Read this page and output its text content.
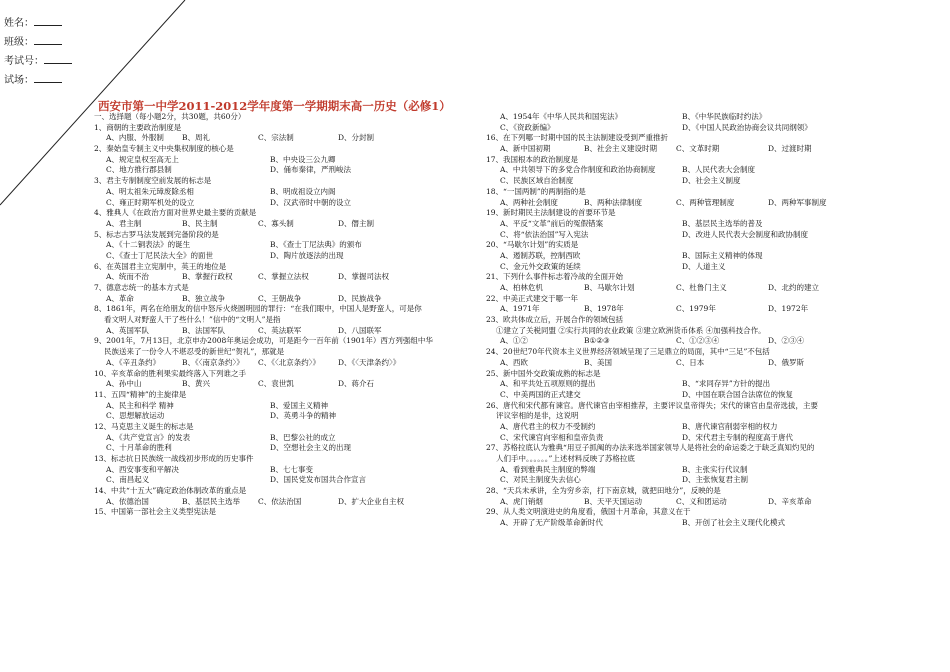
姓名：
班级：
考试号：
试场：
西安市第一中学2011-2012学年度第一学期期末高一历史（必修1）
一、选择题（每小题2分，共30题，共60分）
1、商朝的主要政治制度是
A、内服、外服制 B、周礼	C、宗法制	D、分封制
2、秦始皇专制主义中央集权制度的核心是
A、规定皇权至高无上	B、中央设三公九卿
C、地方推行郡县制	D、俑布秦律，严刑峻法
3、君主专制制度空前发展的标志是
A、明太祖朱元璋废除丞相	B、明成祖设立内阁
C、雍正时期军机处的设立	D、汉武帝时中朝的设立
4、雅典人《在政治方面对世界史最主要的贡献是
A、君主制	B、民主制	C、寡头制	D、僭主制
5、标志古罗马法发展到完备阶段的是
A、《十二铜表法》的诞生	B、《查士丁尼法典》的颁布
C、《查士丁尼民法大全》的面世	D、陶片放逐法的出现
6、在英国君主立宪制中，英王的地位是
A、统而不治	B、掌握行政权	C、掌握立法权	D、掌握司法权
7、德意志统一的基本方式是
A、革命	B、独立战争	C、王朝战争	D、民族战争
8、1861年，两名在给朋友的信中怒斥火烧圆明园的罪行：“在我们眼中，中国人是野蛮人，可是你
看文明人对野蛮人干了些什么！”信中的“文明人”是指
A、英国军队	B、法国军队	C、英法联军	D、八国联军
9、2001年，7月13日，北京申办2008年奥运会成功，可是距今一百年前（1901年）西方列强组中华
民族送来了一份令人不堪忍受的新世纪“贺礼”，那就是
A、《辛丑条约》	B、《〈南京条约〉》 C、《〈北京条约〉》 D、《〈天津条约〉》
10、辛亥革命的胜利果实最终落入下列谁之手
A、孙中山	B、黄兴	C、袁世凯	D、蒋介石
11、五四“精神”的主旋律是
A、民主和科学 精神	B、爱国主义精神
C、思想解放运动	D、英勇斗争的精神
12、马克思主义诞生的标志是
A、《共产党宣言》的发表	B、巴黎公社的成立
C、十月革命的胜利	D、空想社会主义的出现
13、标志抗日民族统一战线初步形成的历史事件
A、西安事变和平解决	B、七七事变
C、南昌起义	D、国民党发布国共合作宣言
14、中共“十五大”确定政治体制改革的重点是
A、依德治国	B、基层民主选举 C、依法治国	D、扩大企业自主权
15、中国第一部社会主义类型宪法是
A、1954年《中华人民共和国宪法》	B、《中华民族临时约法》
C、《资政新编》	D、《中国人民政治协商会议共同纲领》
16、在下列哪一时期中国的民主法制建设受到严重推折
A、新中国初期	B、社会主义建设时期	C、文革时期	D、过渡时期
17、我国根本的政治制度是
A、中共领导下的多党合作制度和政治协商制度	B、人民代表大会制度
C、民族区域自治制度	D、社会主义制度
18、“一国两制”的两制指的是
A、两种社会制度	B、两种法律制度	C、两种管理制度	D、两种军事制度
19、新时期民主法制建设的首要环节是
A、平反“文革”前后的冤假错案	B、基层民主选举的普及
C、将“依法治国”写入宪法	D、改进人民代表大会制度和政协制度
20、“马歇尔计划”的实质是
A、遏制苏联，控制西欧	B、国际主义精神的体现
C、金元外交政策的延续	D、人道主义
21、下列什么事件标志着冷战的全面开始
A、柏林危机	B、马歇尔计划	C、杜鲁门主义	D、北约的建立
22、中美正式建交于哪一年
A、1971年	B、1978年	C、1979年	D、1972年
23、欧共体成立后，开展合作的领域包括
①建立了关税同盟 ②实行共同的农业政策 ③建立欧洲货币体系 ④加强科技合作。
A、①②	B①②③	C、①②③④	D、②③④
24、20世纪70年代资本主义世界经济领域呈现了三足鼎立的局面，其中“三足”不包括
A、西欧	B、美国	C、日本	D、俄罗斯
25、新中国外交政策成熟的标志是
A、和平共处五项原则的提出	B、“求同存异”方针的提出
C、中美两国的正式建交	D、中国在联合国合法席位的恢复
26、唐代和宋代都有谏官。唐代谏官由宰相推荐，主要评议皇帝得失；宋代的谏官由皇帝选拔，主要
评议宰相的是非，这说明
A、唐代君主的权力不受制约	B、唐代谏官削弱宰相的权力
C、宋代谏官向宰相和皇帝负责	D、宋代君主专制的程度高于唐代
27、苏格拉底认为雅典“用豆子抓阄的办法来选举国家领导人是将社会的命运委之于缺乏真知灼见的
人们手中。。。。。。”上述材料反映了苏格拉底
A、看到雅典民主制度的弊端	B、主张实行代议制
C、对民主制度失去信心	D、主张恢复君主制
28、“天兵未承讲，全为穷乡亲，打下南京城，就把田地分”，反映的是
A、虎门销烟	B、天平天国运动	C、义和团运动	D、辛亥革命
29、从人类文明演进史的角度看，俄国十月革命，其意义在于
A、开辟了无产阶级革命新时代	B、开创了社会主义现代化模式
